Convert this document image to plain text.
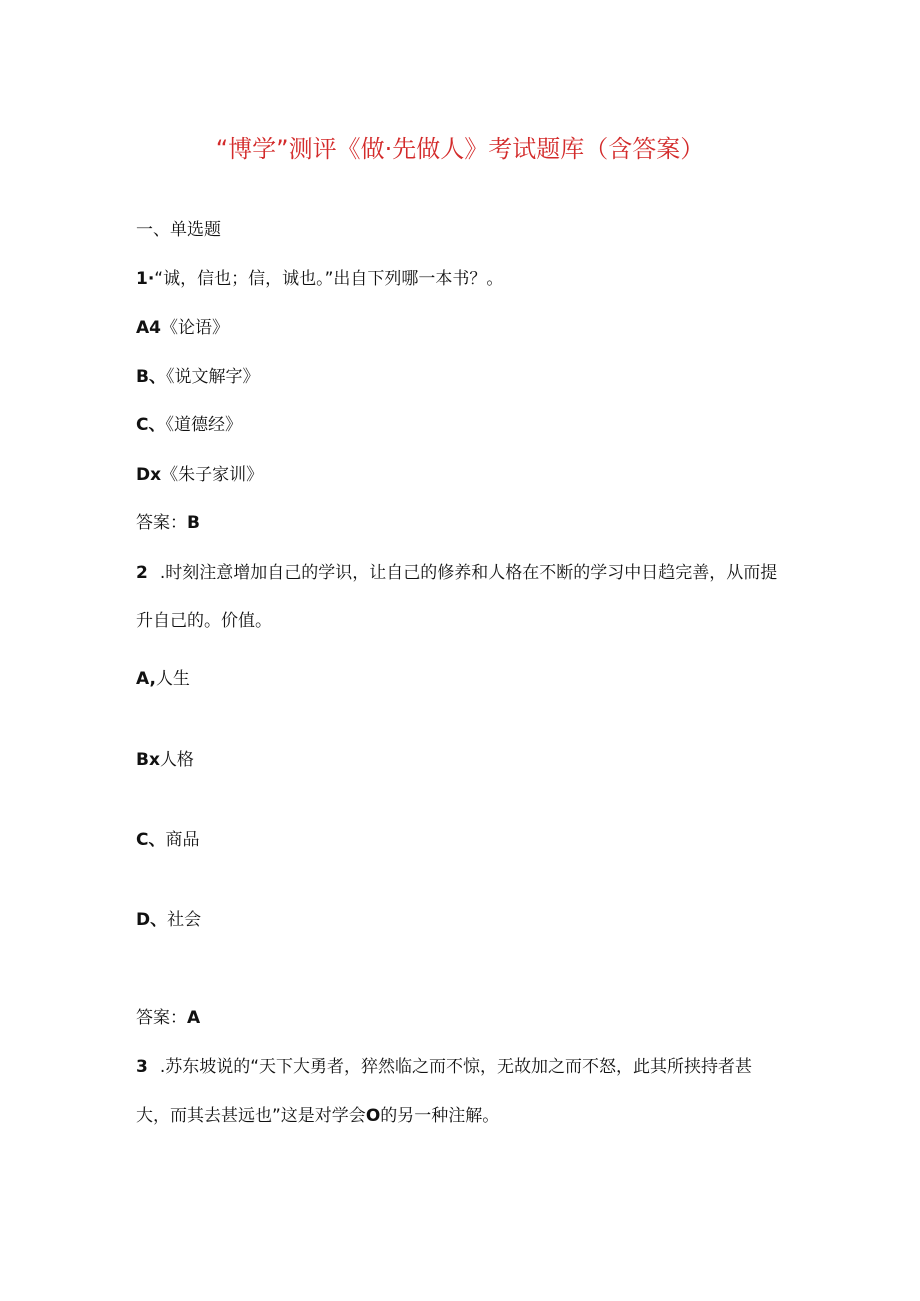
“博学”测评《做·先做人》考试题库（含答案）
一、单选题
1·“诚，信也；信，诚也。”出自下列哪一本书？。
A4《论语》
B、《说文解字》
C、《道德经》
Dx《朱子家训》
答案：B
2 .时刻注意增加自己的学识，让自己的修养和人格在不断的学习中日趋完善，从而提
升自己的。价值。
A,人生
Bx人格
C、商品
D、社会
答案：A
3 .苏东坡说的“天下大勇者，猝然临之而不惊，无故加之而不怒，此其所挟持者甚
大，而其去甚远也”这是对学会O的另一种注解。
